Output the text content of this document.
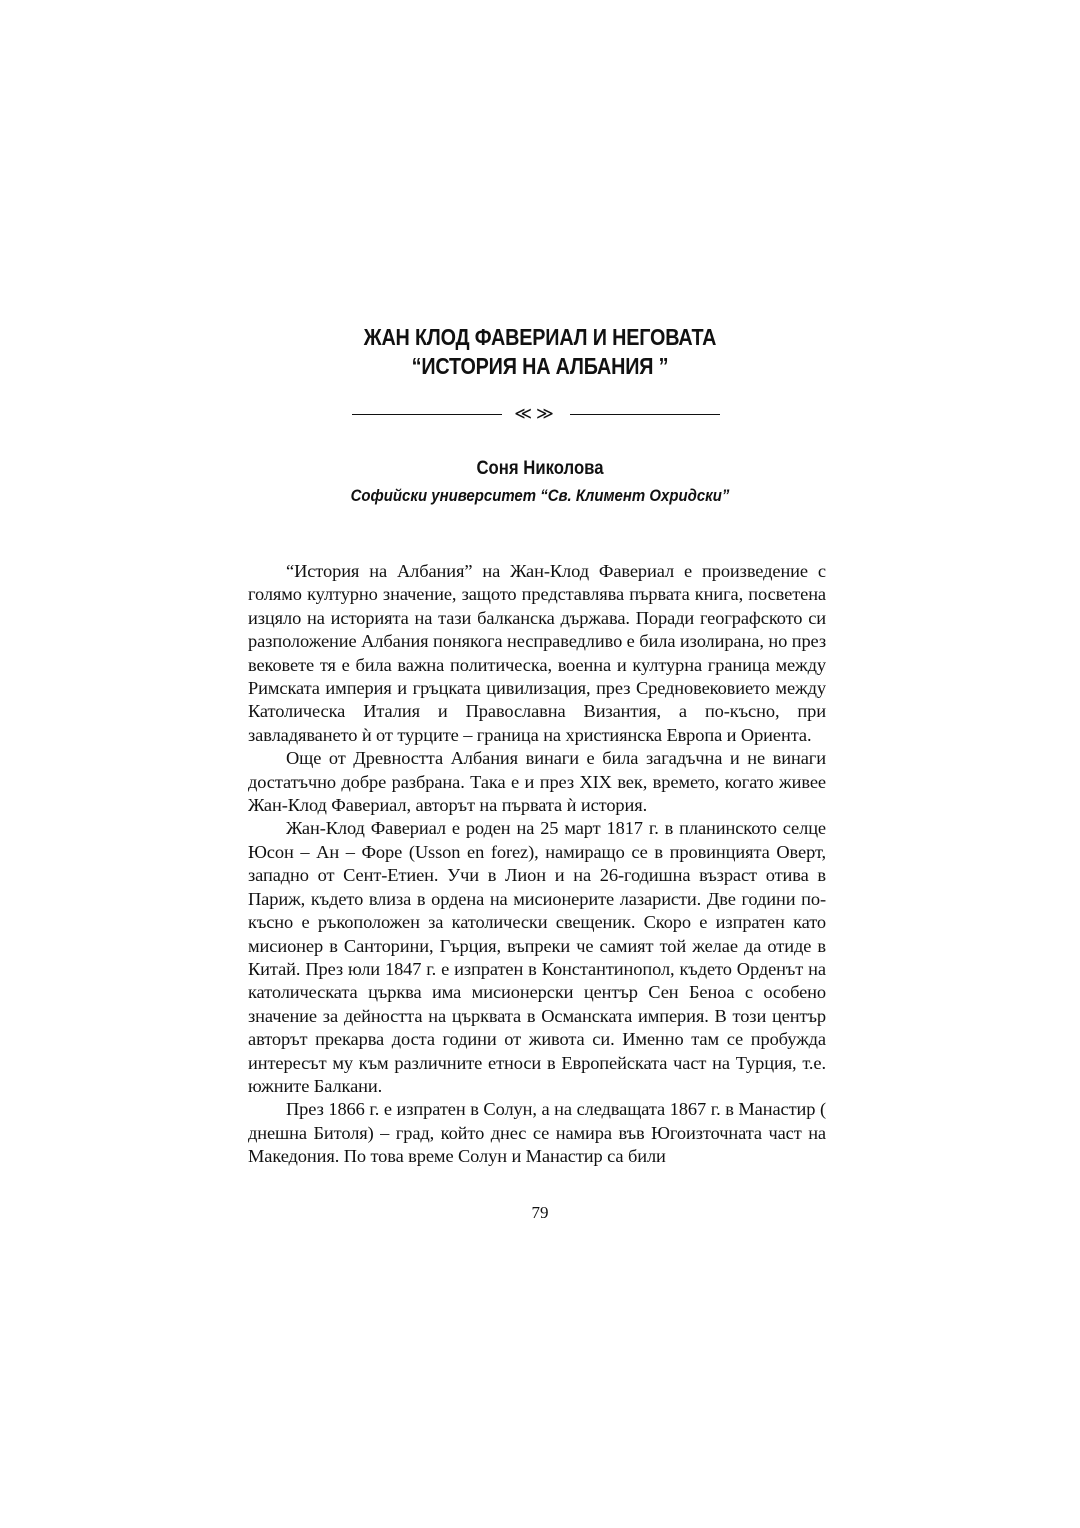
ЖАН КЛОД ФАВЕРИАЛ И НЕГОВАТА
“ИСТОРИЯ НА АЛБАНИЯ ”
≪≫
Соня Николова
Софийски университет “Св. Климент Охридски”

“История на Албания” на Жан-Клод Фавериал е произведение с голямо културно значение, защото представлява първата книга, посветена изцяло на историята на тази балканска държава. Поради географското си разположение Албания понякога несправедливо е била изолирана, но през вековете тя е била важна политическа, военна и културна граница между Римската империя и гръцката цивилизация, през Средновековието между Католическа Италия и Православна Византия, а по-късно, при завладяването ѝ от турците – граница на християнска Европа и Ориента.

Още от Древността Албания винаги е била загадъчна и не винаги достатъчно добре разбрана. Така е и през XIX век, времето, когато живее Жан-Клод Фавериал, авторът на първата ѝ история.

Жан-Клод Фавериал е роден на 25 март 1817 г. в планинското селце Юсон – Ан – Форе (Usson en forez), намиращо се в провинцията Оверт, западно от Сент-Етиен. Учи в Лион и на 26-годишна възраст отива в Париж, където влиза в ордена на мисионерите лазаристи. Две години по-късно е ръкоположен за католически свещеник. Скоро е изпратен като мисионер в Санторини, Гърция, въпреки че самият той желае да отиде в Китай. През юли 1847 г. е изпратен в Константинопол, където Орденът на католическата църква има мисионерски център Сен Беноа с особено значение за дейността на църквата в Османската империя. В този център авторът прекарва доста години от живота си. Именно там се пробужда интересът му към различните етноси в Европейската част на Турция, т.е. южните Балкани.

През 1866 г. е изпратен в Солун, а на следващата 1867 г. в Манастир ( днешна Битоля) – град, който днес се намира във Югоизточната част на Македония. По това време Солун и Манастир са били

79
